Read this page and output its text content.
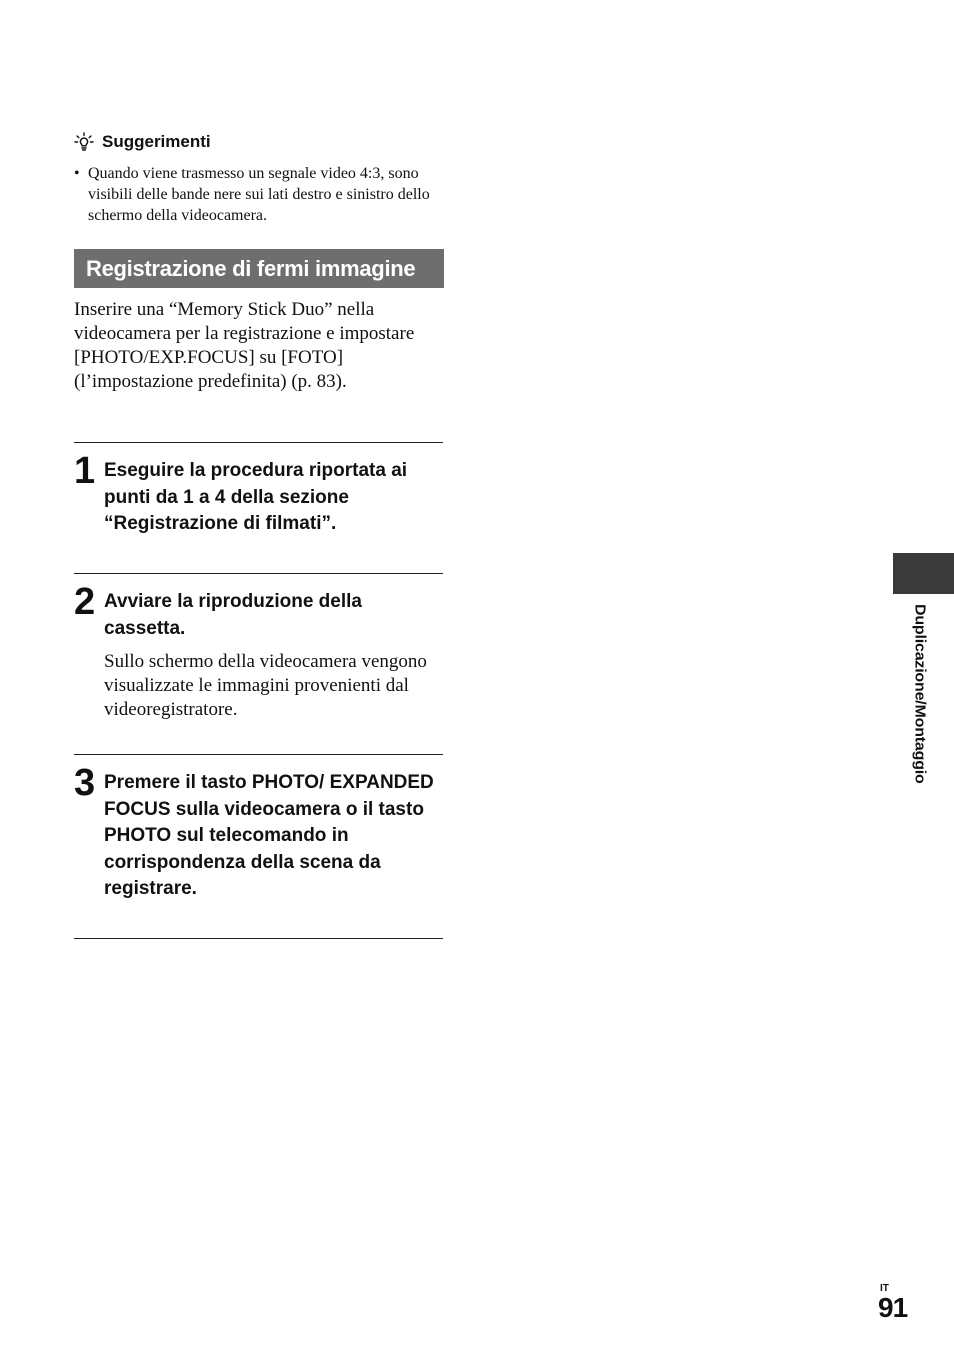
Suggerimenti
• Quando viene trasmesso un segnale video 4:3, sono visibili delle bande nere sui lati destro e sinistro dello schermo della videocamera.
Registrazione di fermi immagine
Inserire una “Memory Stick Duo” nella videocamera per la registrazione e impostare [PHOTO/EXP.FOCUS] su [FOTO] (l’impostazione predefinita) (p. 83).
1 Eseguire la procedura riportata ai punti da 1 a 4 della sezione “Registrazione di filmati”.
2 Avviare la riproduzione della cassetta.
Sullo schermo della videocamera vengono visualizzate le immagini provenienti dal videoregistratore.
3 Premere il tasto PHOTO/ EXPANDED FOCUS sulla videocamera o il tasto PHOTO sul telecomando in corrispondenza della scena da registrare.
Duplicazione/Montaggio
IT
91
